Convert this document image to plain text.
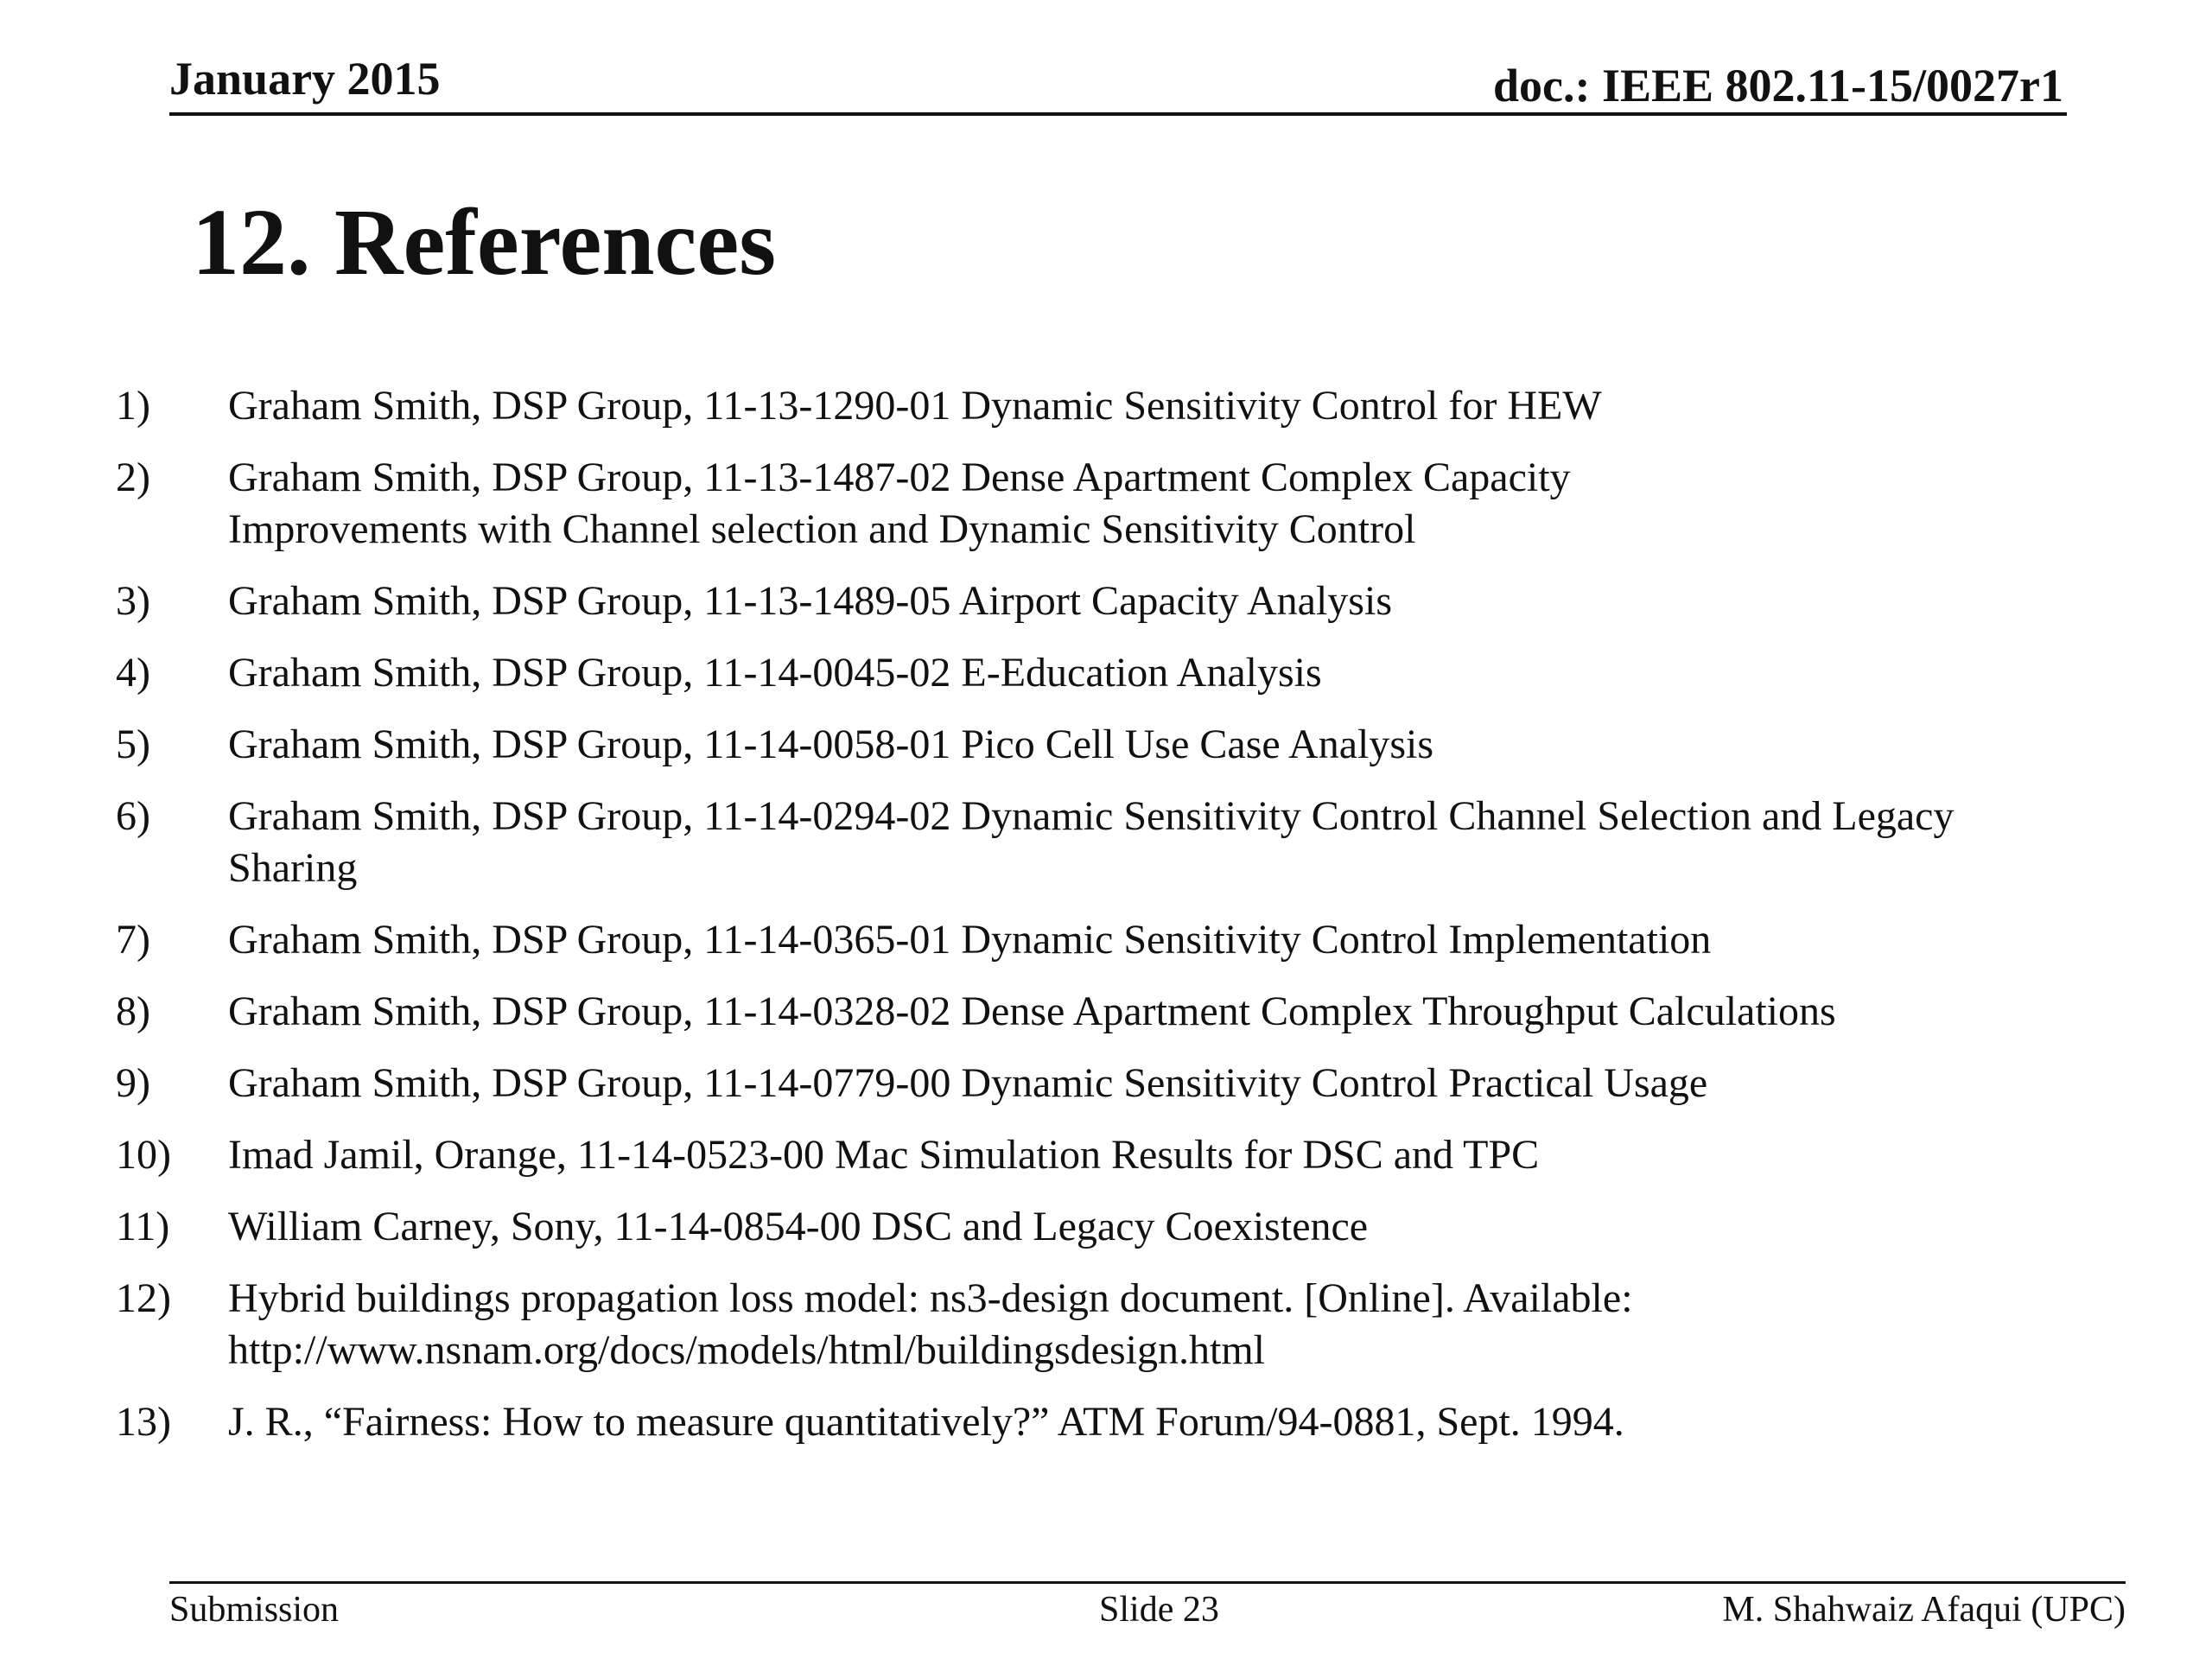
January 2015	doc.: IEEE 802.11-15/0027r1
12. References
1)	Graham Smith, DSP Group, 11-13-1290-01 Dynamic Sensitivity Control for HEW
2)	Graham Smith, DSP Group, 11-13-1487-02 Dense Apartment Complex Capacity Improvements with Channel selection and Dynamic Sensitivity Control
3)	Graham Smith, DSP Group, 11-13-1489-05 Airport Capacity Analysis
4)	Graham Smith, DSP Group, 11-14-0045-02 E-Education Analysis
5)	Graham Smith, DSP Group, 11-14-0058-01 Pico Cell Use Case Analysis
6)	Graham Smith, DSP Group, 11-14-0294-02 Dynamic Sensitivity Control Channel Selection and Legacy Sharing
7)	Graham Smith, DSP Group, 11-14-0365-01 Dynamic Sensitivity Control Implementation
8)	Graham Smith, DSP Group, 11-14-0328-02 Dense Apartment Complex Throughput Calculations
9)	Graham Smith, DSP Group, 11-14-0779-00 Dynamic Sensitivity Control Practical Usage
10)	Imad Jamil, Orange, 11-14-0523-00 Mac Simulation Results for DSC and TPC
11)	William Carney, Sony, 11-14-0854-00 DSC and Legacy Coexistence
12)	Hybrid buildings propagation loss model: ns3-design document. [Online]. Available: http://www.nsnam.org/docs/models/html/buildingsdesign.html
13)	J. R., “Fairness: How to measure quantitatively?” ATM Forum/94-0881, Sept. 1994.
Submission	Slide 23	M. Shahwaiz Afaqui (UPC)
